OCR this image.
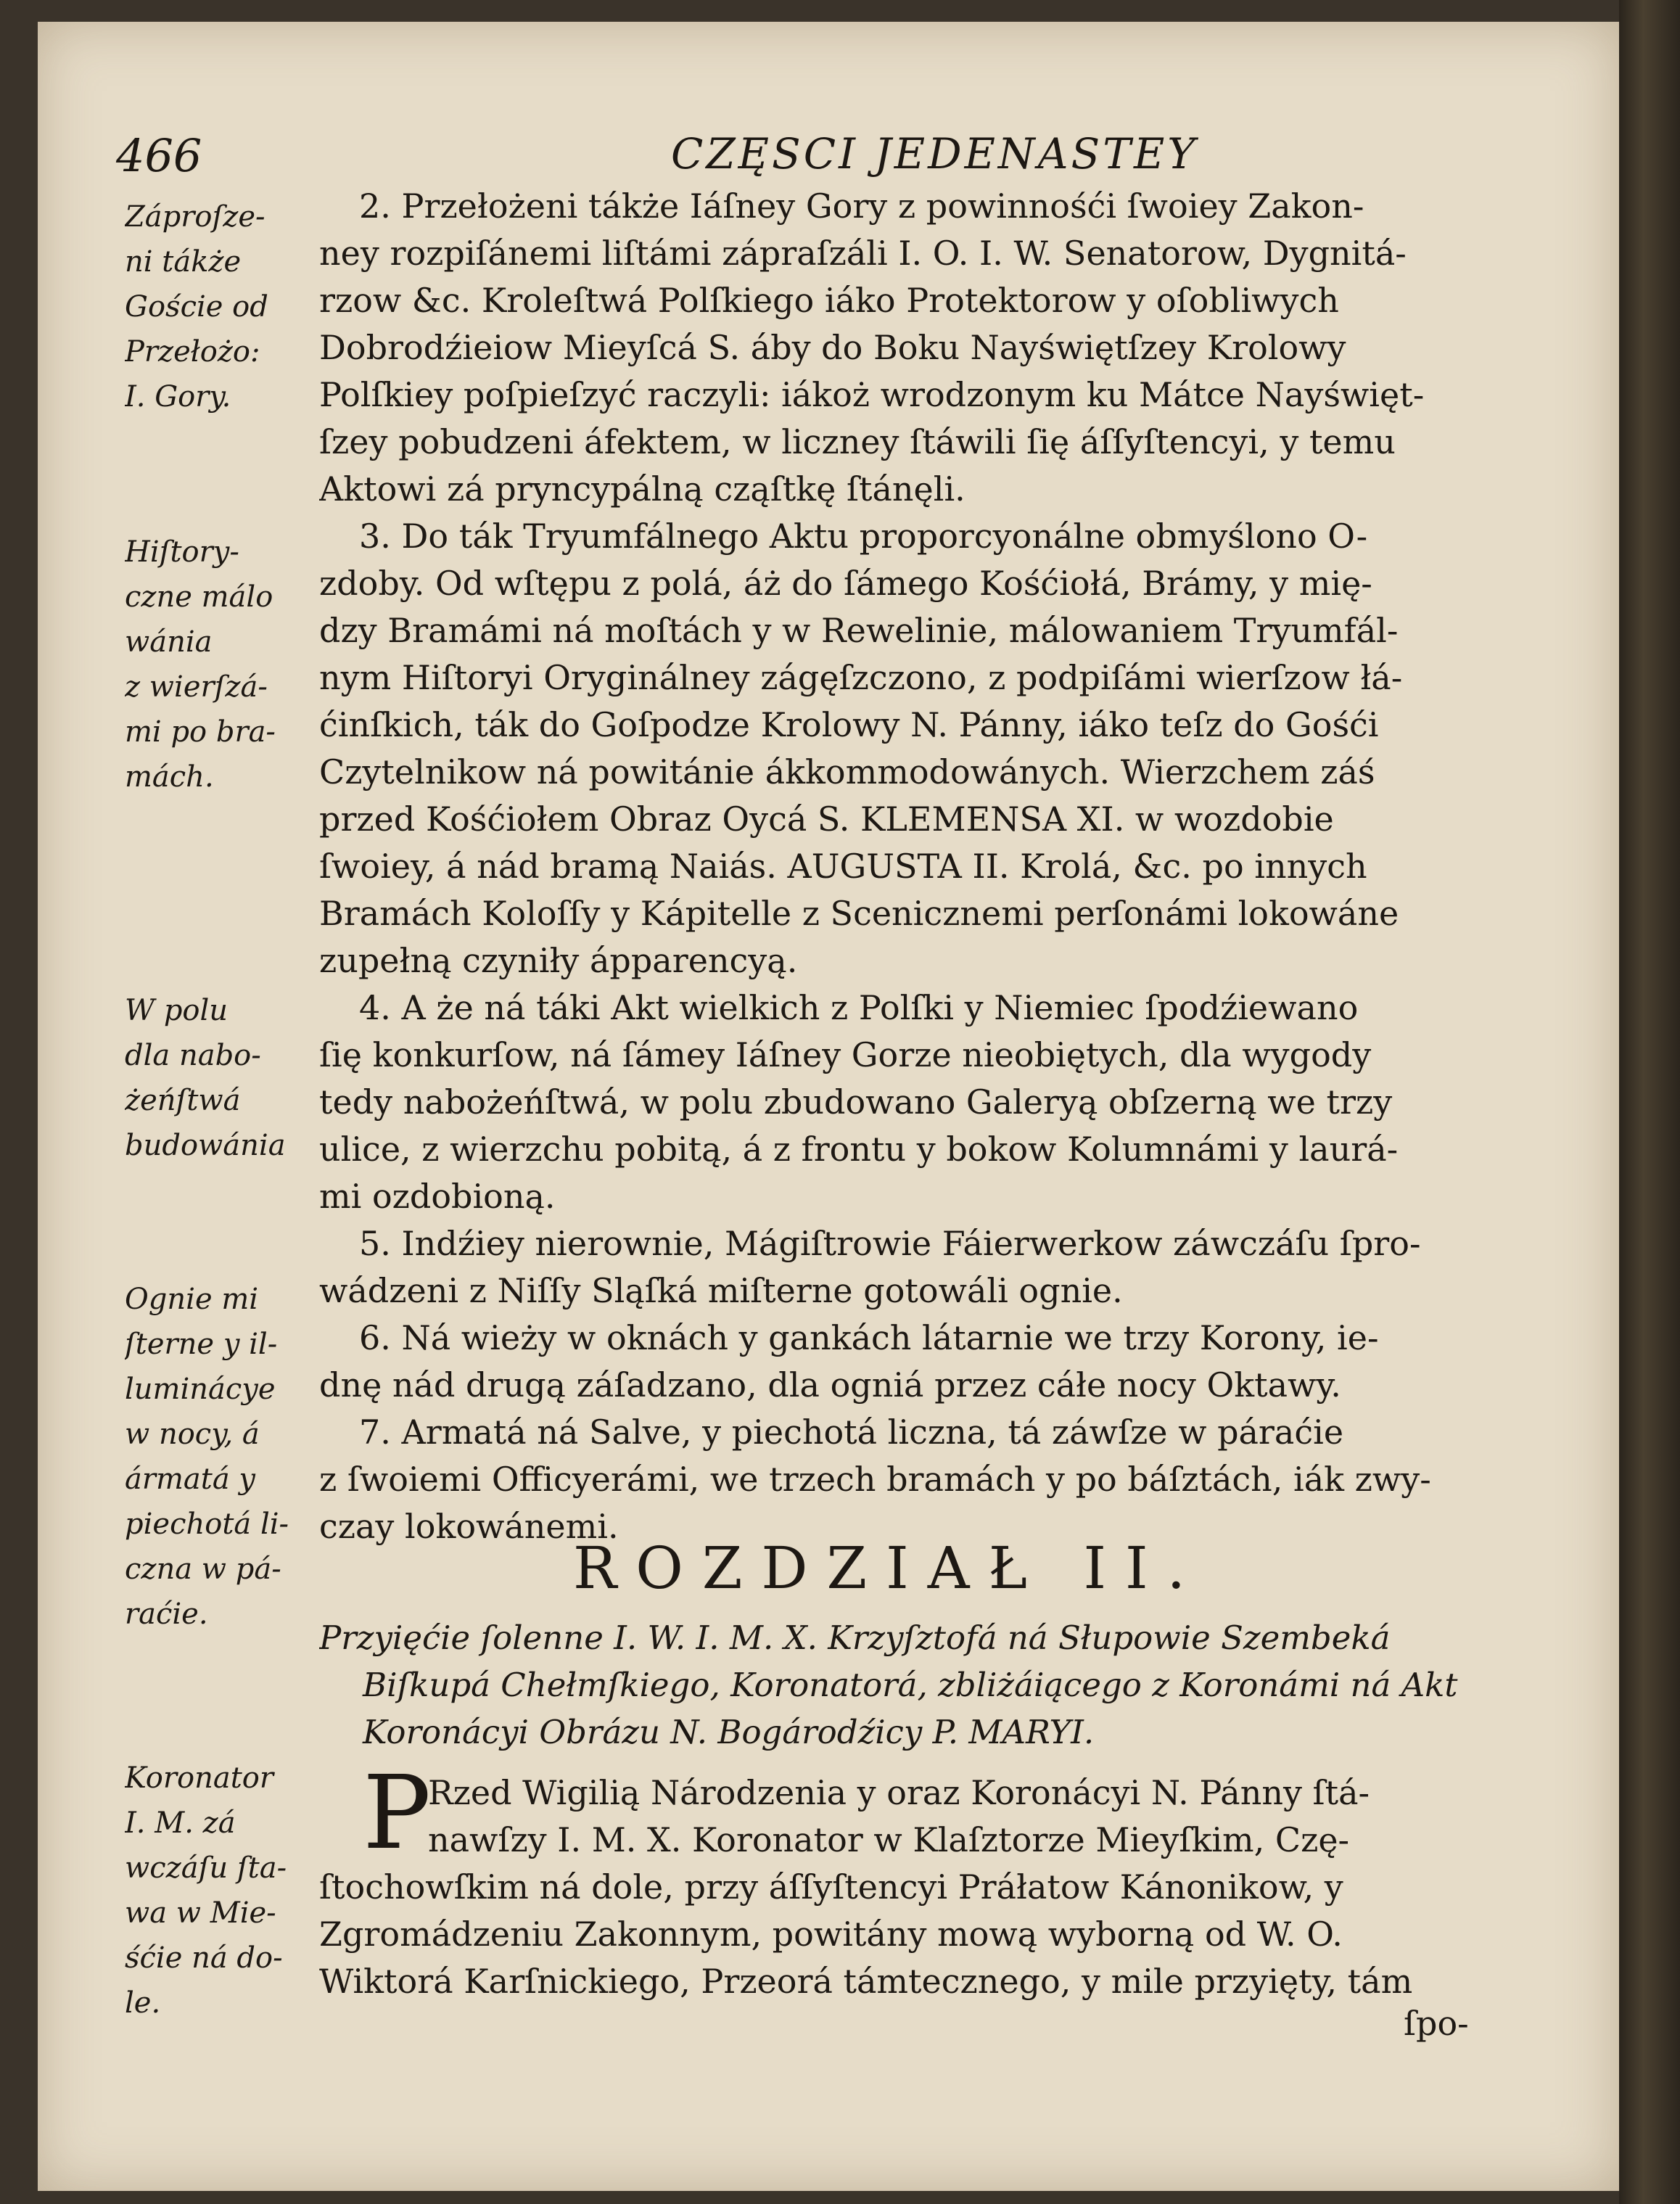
466	CZĘSCI JEDENASTEY
Záproſze-
ni tákże
Goście od
Przełożo:
I. Gory.
Hiſtory-
czne málo
wánia
z wierſzá-
mi po bra-
mách.
W polu
dla nabo-
żeńſtwá
budowánia
Ognie mi
ſterne y il-
luminácye
w nocy, á
ármatá y
piechotá li-
czna w pá-
raćie.
Koronator
I. M. zá
wczáſu ſta-
wa w Mie-
śćie ná do-
le.
2. Przełożeni tákże Iáſney Gory z powinnośći ſwoiey Zakon-
ney rozpiſánemi liſtámi zápraſzáli I. O. I. W. Senatorow, Dygnitá-
rzow &c. Kroleſtwá Polſkiego iáko Protektorow y oſobliwych
Dobrodźieiow Mieyſcá S. áby do Boku Nayświętſzey Krolowy
Polſkiey poſpieſzyć raczyli: iákoż wrodzonym ku Mátce Nayświęt-
ſzey pobudzeni áfektem, w liczney ſtáwili ſię áſſyſtencyi, y temu
Aktowi zá pryncypálną cząſtkę ſtánęli.
3. Do ták Tryumfálnego Aktu proporcyonálne obmyślono O-
zdoby. Od wſtępu z polá, áż do ſámego Kośćiołá, Brámy, y mię-
dzy Bramámi ná moſtách y w Rewelinie, málowaniem Tryumfál-
nym Hiſtoryi Oryginálney zágęſzczono, z podpiſámi wierſzow łá-
ćinſkich, ták do Goſpodze Krolowy N. Pánny, iáko teſz do Gośći
Czytelnikow ná powitánie ákkommodowánych. Wierzchem záś
przed Kośćiołem Obraz Oycá S. KLEMENSA XI. w wozdobie
ſwoiey, á nád bramą Naiás. AUGUSTA II. Krolá, &c. po innych
Bramách Koloſſy y Kápitelle z Scenicznemi perſonámi lokowáne
zupełną czyniły ápparencyą.
4. A że ná táki Akt wielkich z Polſki y Niemiec ſpodźiewano
ſię konkurſow, ná ſámey Iáſney Gorze nieobiętych, dla wygody
tedy nabożeńſtwá, w polu zbudowano Galeryą obſzerną we trzy
ulice, z wierzchu pobitą, á z frontu y bokow Kolumnámi y laurá-
mi ozdobioną.
5. Indźiey nierownie, Mágiſtrowie Fáierwerkow záwczáſu ſpro-
wádzeni z Niſſy Sląſká miſterne gotowáli ognie.
6. Ná wieży w oknách y gankách látarnie we trzy Korony, ie-
dnę nád drugą záſadzano, dla ogniá przez cáłe nocy Oktawy.
7. Armatá ná Salve, y piechotá liczna, tá záwſze w páraćie
z ſwoiemi Officyerámi, we trzech bramách y po báſztách, iák zwy-
czay lokowánemi.
ROZDZIAŁ II.
Przyięćie ſolenne I. W. I. M. X. Krzyſztofá ná Słupowie Szembeká
Biſkupá Chełmſkiego, Koronatorá, zbliżáiącego z Koronámi ná Akt
Koronácyi Obrázu N. Bogárodźicy P. MARYI.
P
Rzed Wigilią Národzenia y oraz Koronácyi N. Pánny ſtá-
nawſzy I. M. X. Koronator w Klaſztorze Mieyſkim, Czę-
ſtochowſkim ná dole, przy áſſyſtencyi Práłatow Kánonikow, y
Zgromádzeniu Zakonnym, powitány mową wyborną od W. O.
Wiktorá Karſnickiego, Przeorá támtecznego, y mile przyięty, tám
ſpo-
